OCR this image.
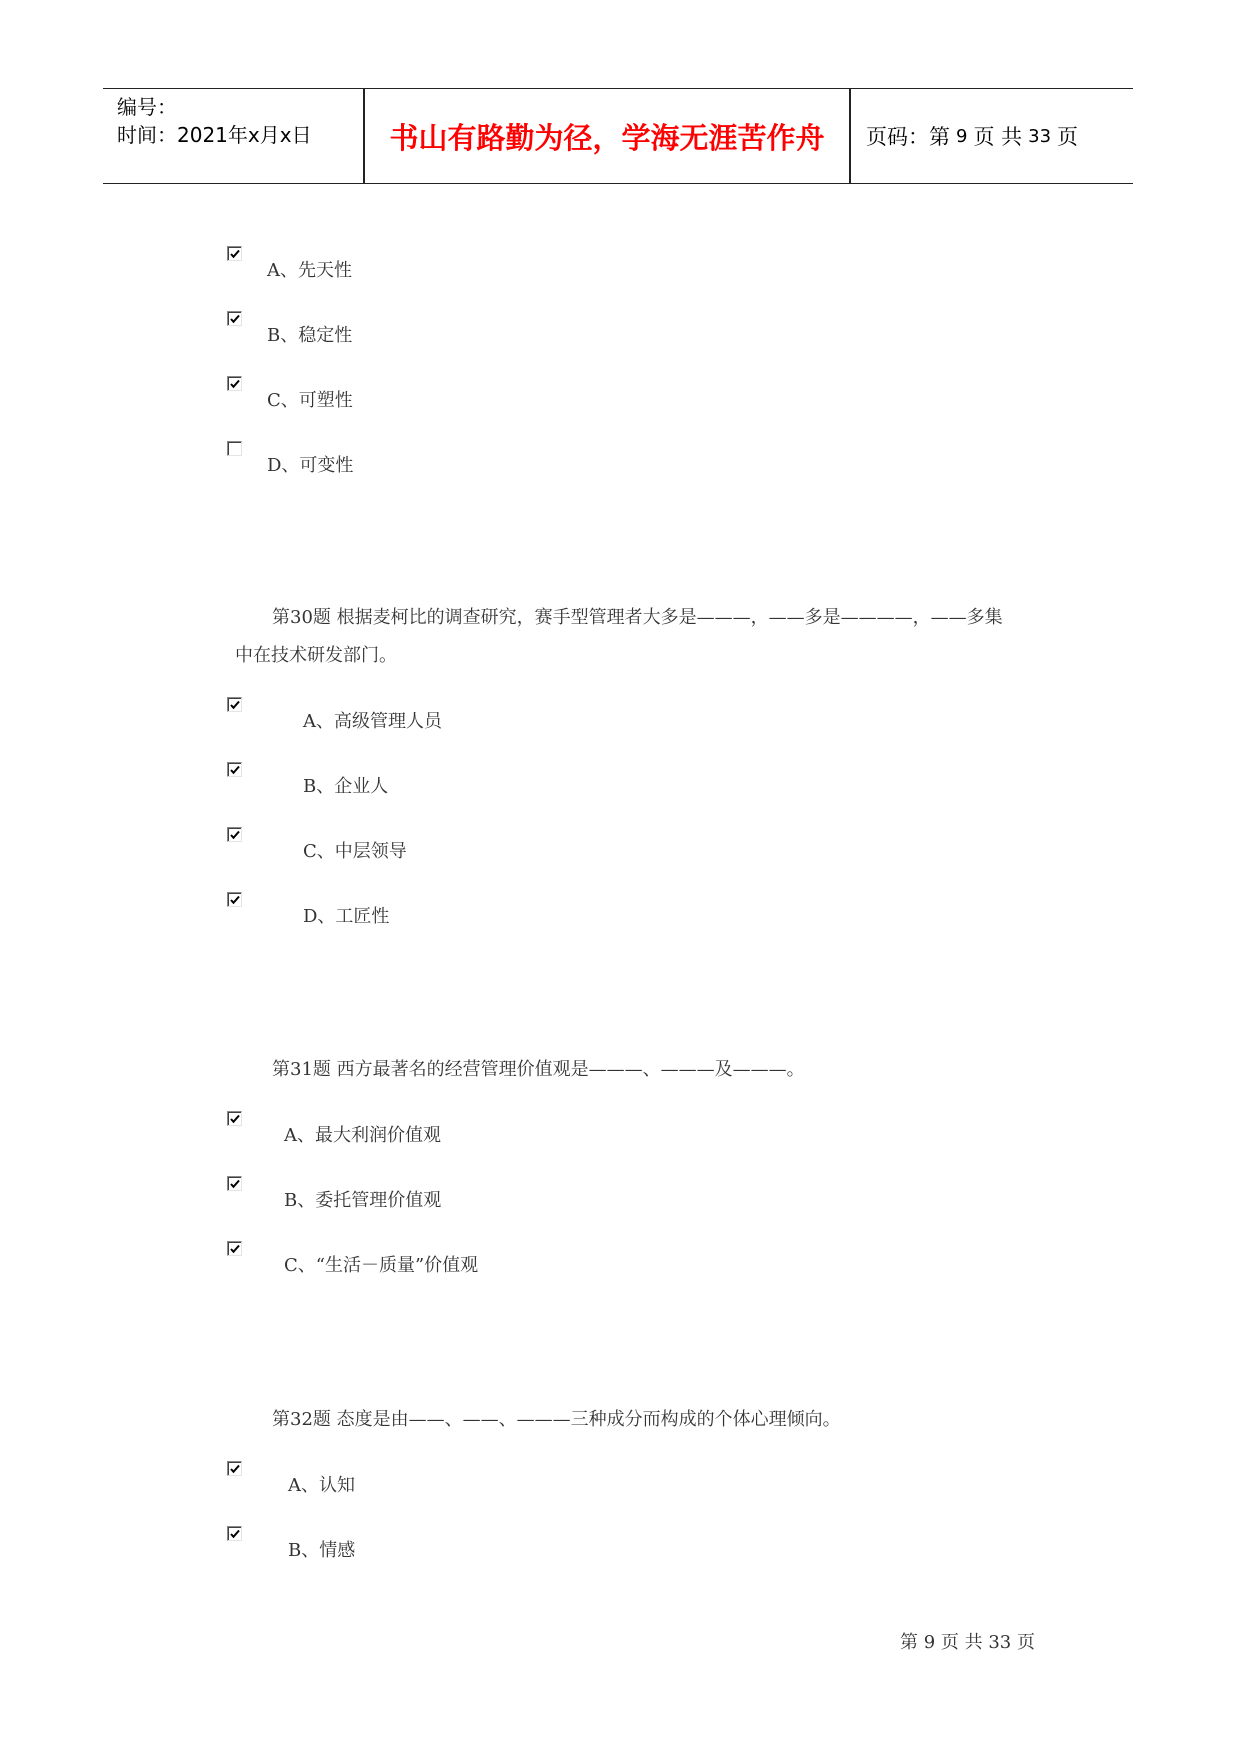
编号：
时间：2021年x月x日	书山有路勤为径，学海无涯苦作舟	页码：第 9 页 共 33 页
A、先天性
B、稳定性
C、可塑性
D、可变性
第30题 根据麦柯比的调查研究，赛手型管理者大多是———，——多是————，——多集
中在技术研发部门。
A、高级管理人员
B、企业人
C、中层领导
D、工匠性
第31题 西方最著名的经营管理价值观是———、———及———。
A、最大利润价值观
B、委托管理价值观
C、“生活－质量”价值观
第32题 态度是由——、——、———三种成分而构成的个体心理倾向。
A、认知
B、情感
第 9 页 共 33 页
